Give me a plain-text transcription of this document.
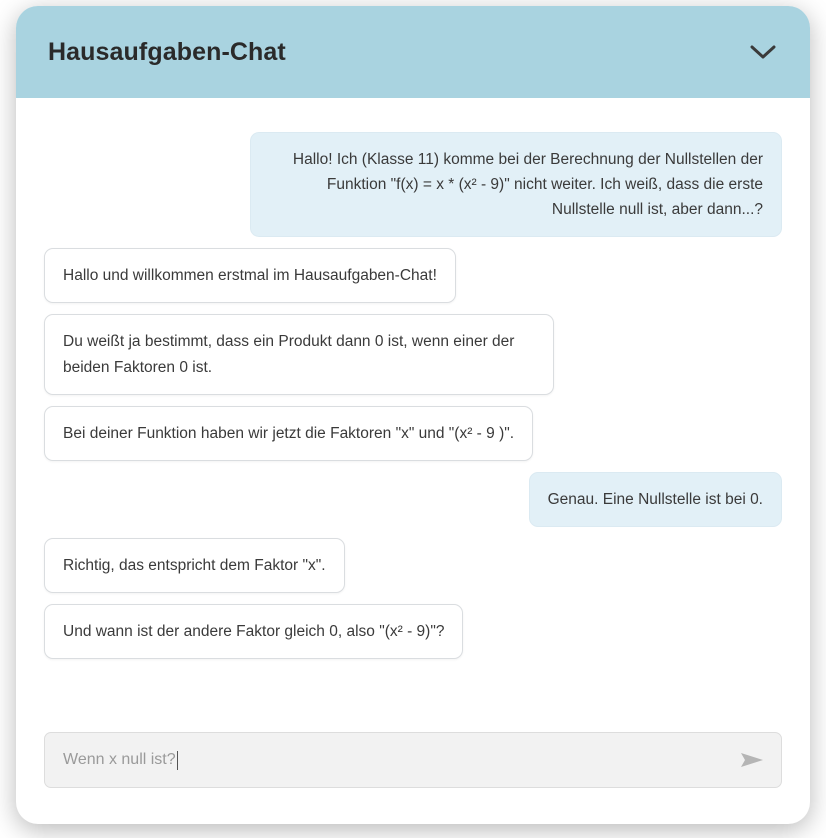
Hausaufgaben-Chat
Hallo! Ich (Klasse 11) komme bei der Berechnung der Nullstellen der Funktion "f(x) = x * (x² - 9)" nicht weiter. Ich weiß, dass die erste Nullstelle null ist, aber dann...?
Hallo und willkommen erstmal im Hausaufgaben-Chat!
Du weißt ja bestimmt, dass ein Produkt dann 0 ist, wenn einer der beiden Faktoren 0 ist.
Bei deiner Funktion haben wir jetzt die Faktoren "x" und "(x² - 9 )".
Genau. Eine Nullstelle ist bei 0.
Richtig, das entspricht dem Faktor "x".
Und wann ist der andere Faktor gleich 0, also "(x² - 9)"?
Wenn x null ist?
